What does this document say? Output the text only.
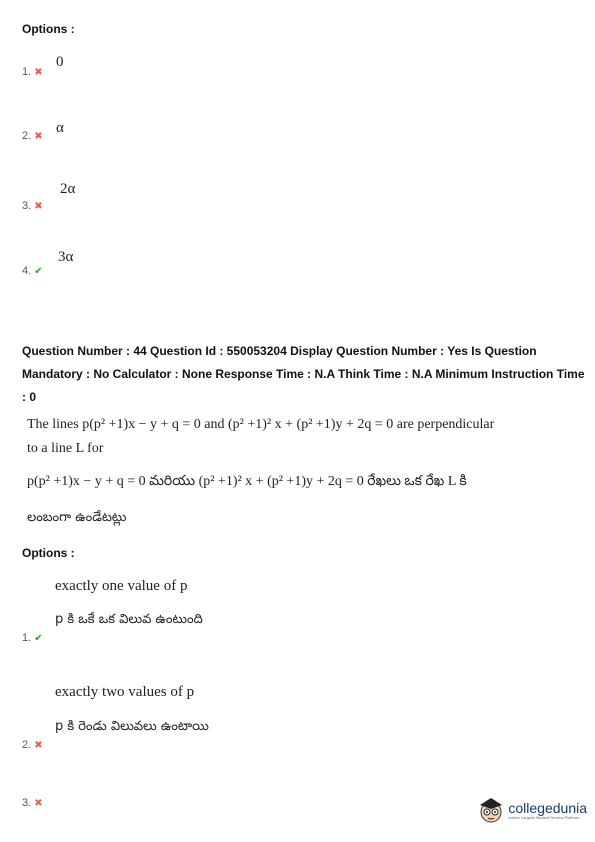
Options :
1. ✖
0
2. ✖
α
3. ✖
2α
4. ✔
3α
Question Number : 44 Question Id : 550053204 Display Question Number : Yes Is Question Mandatory : No Calculator : None Response Time : N.A Think Time : N.A Minimum Instruction Time : 0
The lines p(p² +1)x − y + q = 0 and (p² +1)² x + (p² +1)y + 2q = 0 are perpendicular
to a line L for
p(p² +1)x − y + q = 0 మరియు (p² +1)² x + (p² +1)y + 2q = 0 రేఖలు ఒక రేఖ L కి
లంబంగా ఉండేటట్లు
Options :
exactly one value of p
p కి ఒకే ఒక విలువ ఉంటుంది
1. ✔
exactly two values of p
p కి రెండు విలువలు ఉంటాయి
2. ✖
3. ✖	collegedunia
India's Largest Student Review Platform
